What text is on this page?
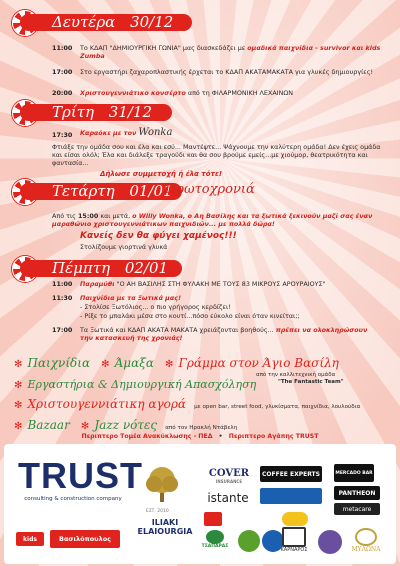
Δευτέρα 30/12
11:00 Το ΚΔΑΠ "ΔΗΜΙΟΥΡΓΙΚΗ ΓΩΝΙΑ" μας διασκεδάζει με ομαδικά παιχνίδια - survivor και kids Zumba
17:00 Στο εργαστήρι ζαχαροπλαστικής έρχεται το ΚΔΑΠ ΑΚΑΤΑΜΑΚΑΤΑ για γλυκές δημιουργίες!
20:00 Χριστουγεννιάτικο κονσέρτο από τη ΦΙΛΑΡΜΟΝΙΚΗ ΛΕΧΑΙΝΩΝ
Τρίτη 31/12
17:30 Καραόκε με τον Wonka
Φτιάξε την ομάδα σου και έλα και εσύ... Μαντέψτε... Ψάχνουμε την καλύτερη ομάδα! Δεν έχεις ομάδα και είσαι ολόλ; Έλα και διάλεξε τραγούδι και θα σου βρούμε εμείς...με χιούμορ, θεατρικότητα και φαντασία...
Δήλωσε συμμετοχή ή έλα τότε!
Τετάρτη 01/01
Πρωτοχρονιά
Από τις 15:00 και μετά, ο Willy Wonka, ο Αη Βασίλης και τα ξωτικά ξεκινούν μαζί σας έναν μαραθώνιο χριστουγεννιάτικων παιχνιδιών... με πολλά δώρα!
Κανείς δεν θα φύγει χαμένος!!!
Στολίζουμε γιορτινά γλυκά
Πέμπτη 02/01
11:00 Παραμύθι "Ο ΑΗ ΒΑΣΙΛΗΣ ΣΤΗ ΦΥΛΑΚΗ ΜΕ ΤΟΥΣ 83 ΜΙΚΡΟΥΣ ΑΡΟΥΡΑΙΟΥΣ"
11:30 Παιχνίδια με τα Ξωτικά μας!
- Στολίσε Ξωτόλιος... ο πιο γρήγορος κερδίζει!
- Ρίξε το μπαλάκι μέσα στο κουτί...πόσο εύκολο είναι όταν κινείται;;
17:00 Τα Ξωτικά και ΚΔΑΠ ΑΚΑΤΑ ΜΑΚΑΤΑ χρειάζονται βοηθούς... πρέπει να ολοκληρώσουν την κατασκευή της χρονιάς!
✻ Παιχνίδια ✻ Άμαξα ✻ Γράμμα στον Άγιο Βασίλη
✻ Εργαστήρια & Δημιουργική Απασχόληση
από την καλλιτεχνική ομάδα
"The Fantastic Team"
✻ Χριστουγεννιάτικη αγορά με open bar, street food, γλυκίσματα, παιχνίδια, λουλούδια
✻ Bazaar ✻ Jazz νότες από τον Ηρακλή Ντάβελη
Περιπτερο Τομέα Ανακύκλωσης - ΠΕΔ • Περιπτερο Αγάπης TRUST
TRUST
consulting & construction company
ΕΣΤ. 2010
ILIAKI ELAIOURGIA
COVER
INSURANCE
istante
COFFEE EXPERTS	MERCADO BAR
PANTHEON
metacare
ΤΣΑΠΑΡΑΣ
ΚΑΡΝΑΡΟΣ	ΜΥΛΩΝΑ
kids	Βασιλόπουλος
